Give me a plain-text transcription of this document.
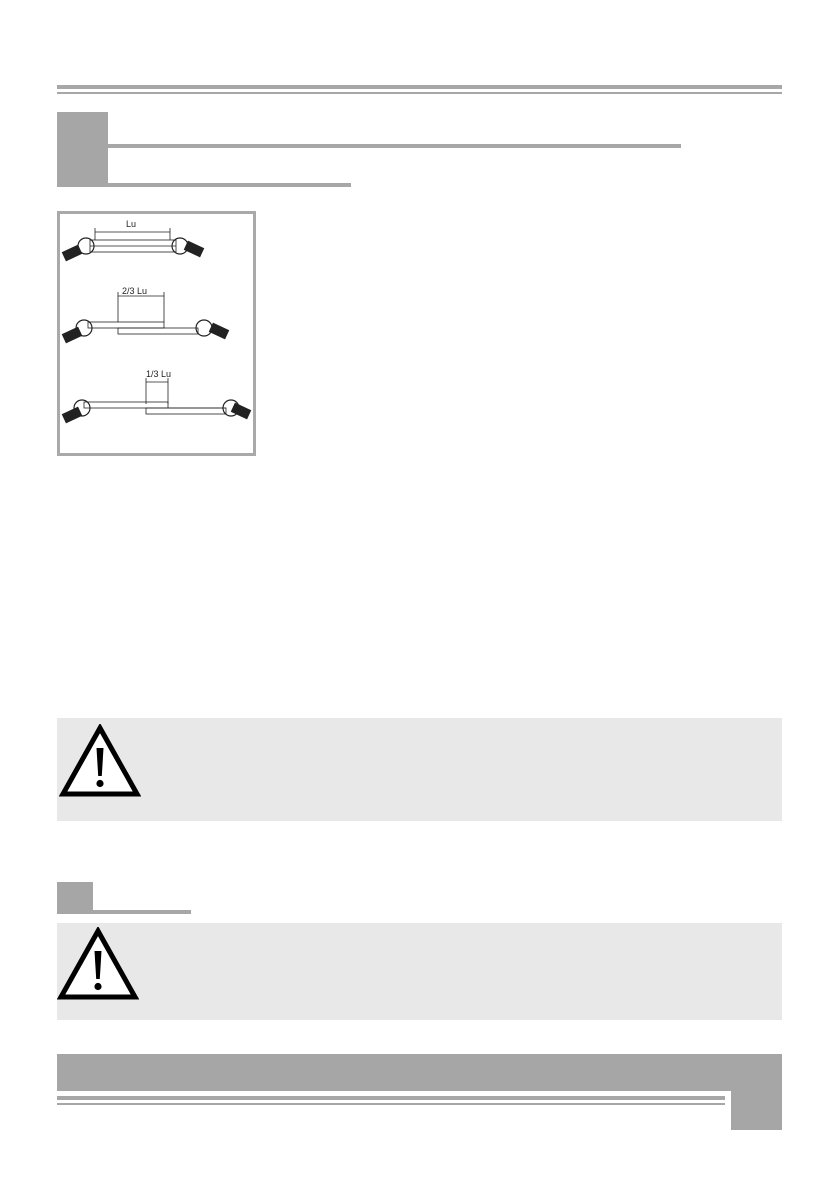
Lu
2/3 Lu
1/3 Lu
